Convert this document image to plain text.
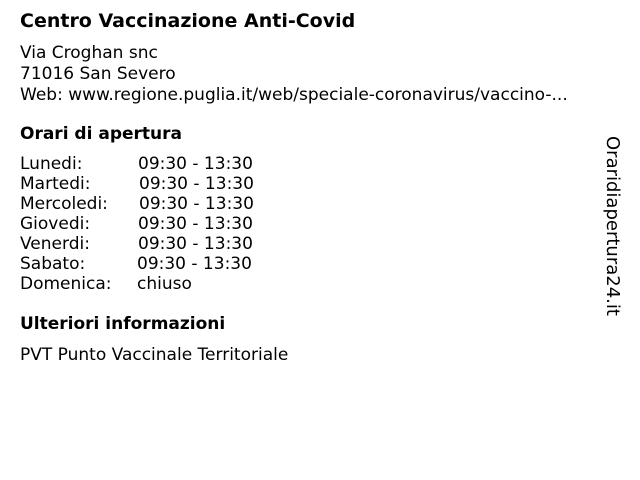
Centro Vaccinazione Anti-Covid
Via Croghan snc
71016 San Severo
Web: www.regione.puglia.it/web/speciale-coronavirus/vaccino-...
Orari di apertura
Lunedi:	09:30 - 13:30
Martedi:	09:30 - 13:30
Mercoledi: 09:30 - 13:30
Giovedi:	09:30 - 13:30
Venerdi:	09:30 - 13:30
Sabato:	09:30 - 13:30
Domenica: chiuso
Ulteriori informazioni
PVT Punto Vaccinale Territoriale
Oraridiapertura24.it
